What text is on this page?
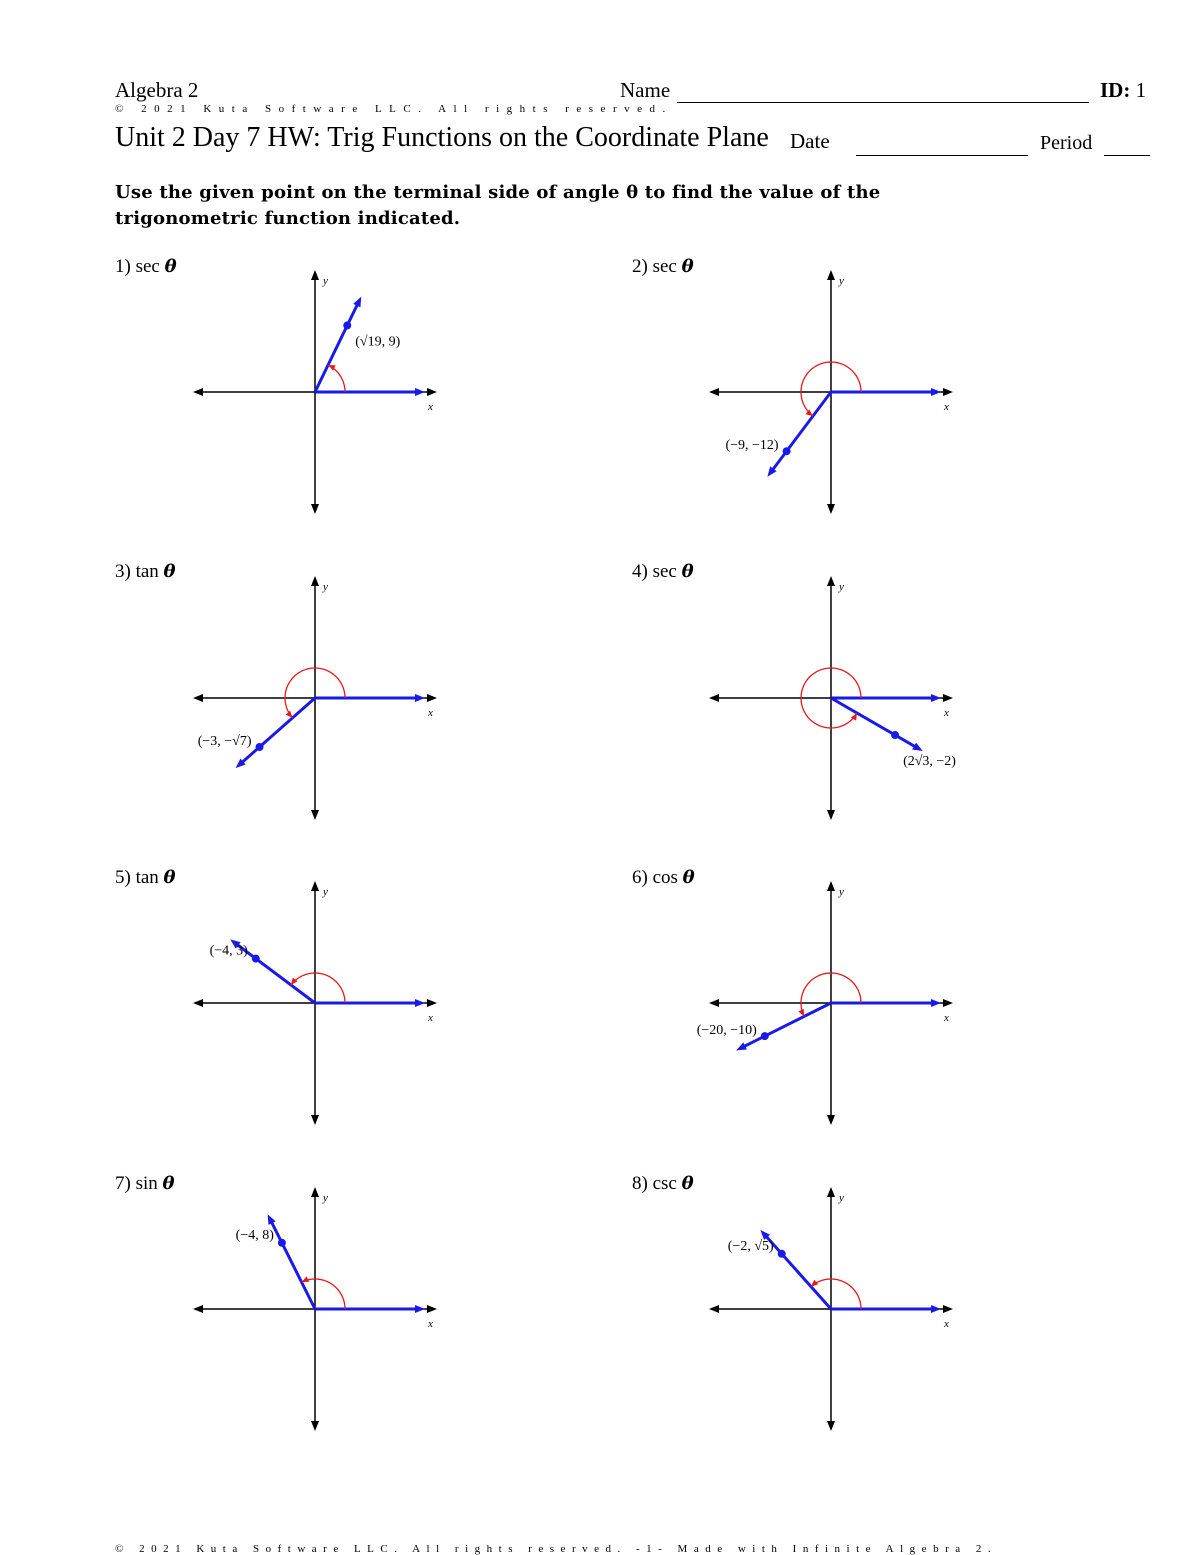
Algebra 2	Name	ID: 1
© 2021 Kuta Software LLC. All rights reserved.
Unit 2 Day 7 HW: Trig Functions on the Coordinate Plane Date	Period
Use the given point on the terminal side of angle θ to find the value of the trigonometric function indicated.
1) sec θ
x
y
(√19, 9)
2) sec θ
x
y
(−9, −12)
3) tan θ
x
y
(−3, −√7)
4) sec θ
x
y
(2√3, −2)
5) tan θ
x
y
(−4, 3)
6) cos θ
x
y
(−20, −10)
7) sin θ
x
y
(−4, 8)
8) csc θ
x
y
(−2, √5)
© 2021 Kuta Software LLC. All rights reserved. -1- Made with Infinite Algebra 2.
